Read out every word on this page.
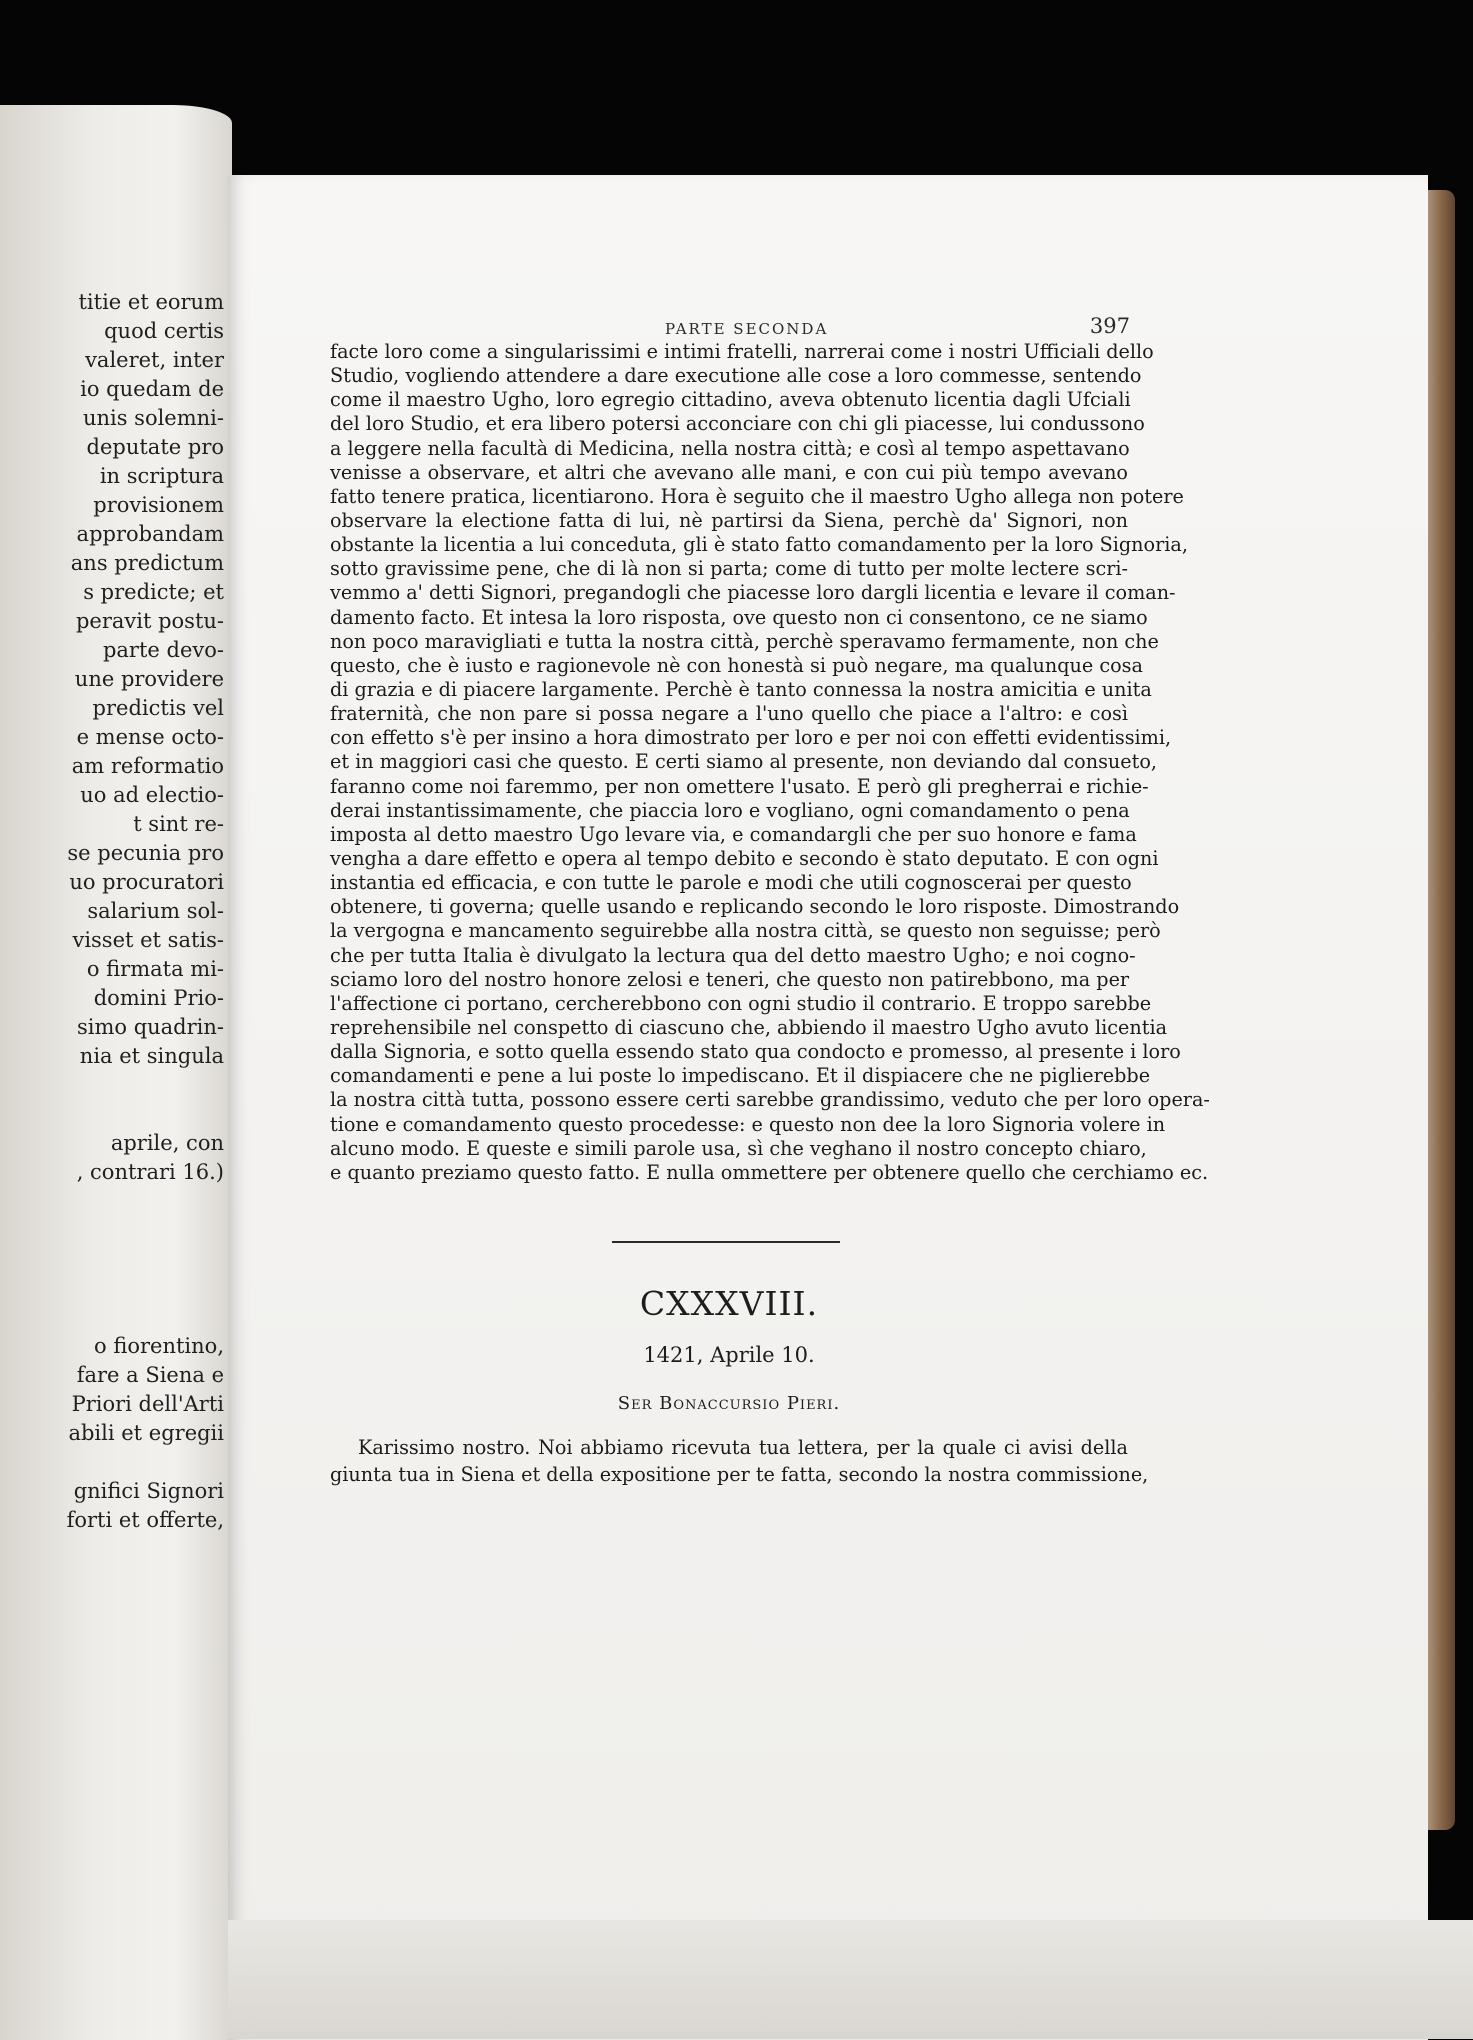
titie et eorum
quod certis
valeret, inter
io quedam de
unis solemni-
deputate pro
in scriptura
provisionem
approbandam
ans predictum
s predicte; et
peravit postu-
parte devo-
une providere
predictis vel
e mense octo-
am reformatio
uo ad electio-
t sint re-
se pecunia pro
uo procuratori
salarium sol-
visset et satis-
o firmata mi-
domini Prio-
simo quadrin-
nia et singula
aprile, con
, contrari 16.)
o fiorentino,
fare a Siena e
Priori dell'Arti
abili et egregii
gnifici Signori
forti et offerte,
PARTE SECONDA	397
facte loro come a singularissimi e intimi fratelli, narrerai come i nostri Ufficiali dello
Studio, vogliendo attendere a dare executione alle cose a loro commesse, sentendo
come il maestro Ugho, loro egregio cittadino, aveva obtenuto licentia dagli Ufciali
del loro Studio, et era libero potersi acconciare con chi gli piacesse, lui condussono
a leggere nella facultà di Medicina, nella nostra città; e così al tempo aspettavano
venisse a observare, et altri che avevano alle mani, e con cui più tempo avevano
fatto tenere pratica, licentiarono. Hora è seguito che il maestro Ugho allega non potere
observare la electione fatta di lui, nè partirsi da Siena, perchè da' Signori, non
obstante la licentia a lui conceduta, gli è stato fatto comandamento per la loro Signoria,
sotto gravissime pene, che di là non si parta; come di tutto per molte lectere scri-
vemmo a' detti Signori, pregandogli che piacesse loro dargli licentia e levare il coman-
damento facto. Et intesa la loro risposta, ove questo non ci consentono, ce ne siamo
non poco maravigliati e tutta la nostra città, perchè speravamo fermamente, non che
questo, che è iusto e ragionevole nè con honestà si può negare, ma qualunque cosa
di grazia e di piacere largamente. Perchè è tanto connessa la nostra amicitia e unita
fraternità, che non pare si possa negare a l'uno quello che piace a l'altro: e così
con effetto s'è per insino a hora dimostrato per loro e per noi con effetti evidentissimi,
et in maggiori casi che questo. E certi siamo al presente, non deviando dal consueto,
faranno come noi faremmo, per non omettere l'usato. E però gli pregherrai e richie-
derai instantissimamente, che piaccia loro e vogliano, ogni comandamento o pena
imposta al detto maestro Ugo levare via, e comandargli che per suo honore e fama
vengha a dare effetto e opera al tempo debito e secondo è stato deputato. E con ogni
instantia ed efficacia, e con tutte le parole e modi che utili cognoscerai per questo
obtenere, ti governa; quelle usando e replicando secondo le loro risposte. Dimostrando
la vergogna e mancamento seguirebbe alla nostra città, se questo non seguisse; però
che per tutta Italia è divulgato la lectura qua del detto maestro Ugho; e noi cogno-
sciamo loro del nostro honore zelosi e teneri, che questo non patirebbono, ma per
l'affectione ci portano, cercherebbono con ogni studio il contrario. E troppo sarebbe
reprehensibile nel conspetto di ciascuno che, abbiendo il maestro Ugho avuto licentia
dalla Signoria, e sotto quella essendo stato qua condocto e promesso, al presente i loro
comandamenti e pene a lui poste lo impediscano. Et il dispiacere che ne piglierebbe
la nostra città tutta, possono essere certi sarebbe grandissimo, veduto che per loro opera-
tione e comandamento questo procedesse: e questo non dee la loro Signoria volere in
alcuno modo. E queste e simili parole usa, sì che veghano il nostro concepto chiaro,
e quanto preziamo questo fatto. E nulla ommettere per obtenere quello che cerchiamo ec.
CXXXVIII.
1421, Aprile 10.
Ser Bonaccursio Pieri.
Karissimo nostro. Noi abbiamo ricevuta tua lettera, per la quale ci avisi della
giunta tua in Siena et della expositione per te fatta, secondo la nostra commissione,
